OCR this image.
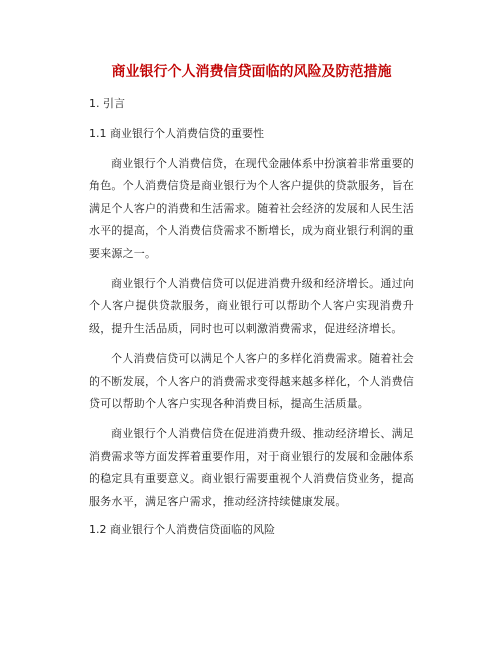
商业银行个人消费信贷面临的风险及防范措施
1. 引言
1.1 商业银行个人消费信贷的重要性

商业银行个人消费信贷，在现代金融体系中扮演着非常重要的角色。个人消费信贷是商业银行为个人客户提供的贷款服务，旨在满足个人客户的消费和生活需求。随着社会经济的发展和人民生活水平的提高，个人消费信贷需求不断增长，成为商业银行利润的重要来源之一。

商业银行个人消费信贷可以促进消费升级和经济增长。通过向个人客户提供贷款服务，商业银行可以帮助个人客户实现消费升级，提升生活品质，同时也可以刺激消费需求，促进经济增长。

个人消费信贷可以满足个人客户的多样化消费需求。随着社会的不断发展，个人客户的消费需求变得越来越多样化，个人消费信贷可以帮助个人客户实现各种消费目标，提高生活质量。

商业银行个人消费信贷在促进消费升级、推动经济增长、满足消费需求等方面发挥着重要作用，对于商业银行的发展和金融体系的稳定具有重要意义。商业银行需要重视个人消费信贷业务，提高服务水平，满足客户需求，推动经济持续健康发展。

1.2 商业银行个人消费信贷面临的风险
